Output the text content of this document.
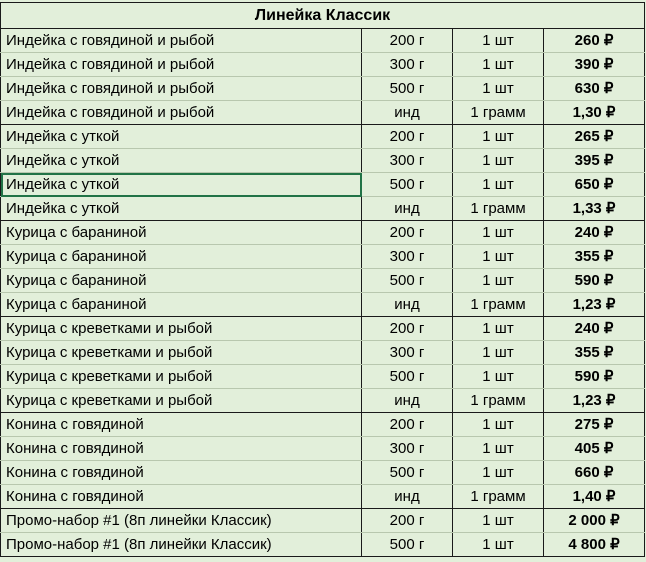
Линейка Классик			
Индейка с говядиной и рыбой	200 г	1 шт	260 ₽
Индейка с говядиной и рыбой	300 г	1 шт	390 ₽
Индейка с говядиной и рыбой	500 г	1 шт	630 ₽
Индейка с говядиной и рыбой	инд	1 грамм	1,30 ₽
Индейка с уткой	200 г	1 шт	265 ₽
Индейка с уткой	300 г	1 шт	395 ₽
Индейка с уткой	500 г	1 шт	650 ₽
Индейка с уткой	инд	1 грамм	1,33 ₽
Курица с бараниной	200 г	1 шт	240 ₽
Курица с бараниной	300 г	1 шт	355 ₽
Курица с бараниной	500 г	1 шт	590 ₽
Курица с бараниной	инд	1 грамм	1,23 ₽
Курица с креветками и рыбой	200 г	1 шт	240 ₽
Курица с креветками и рыбой	300 г	1 шт	355 ₽
Курица с креветками и рыбой	500 г	1 шт	590 ₽
Курица с креветками и рыбой	инд	1 грамм	1,23 ₽
Конина с говядиной	200 г	1 шт	275 ₽
Конина с говядиной	300 г	1 шт	405 ₽
Конина с говядиной	500 г	1 шт	660 ₽
Конина с говядиной	инд	1 грамм	1,40 ₽
Промо-набор #1 (8п линейки Классик)	200 г	1 шт	2 000 ₽
Промо-набор #1 (8п линейки Классик)	500 г	1 шт	4 800 ₽
